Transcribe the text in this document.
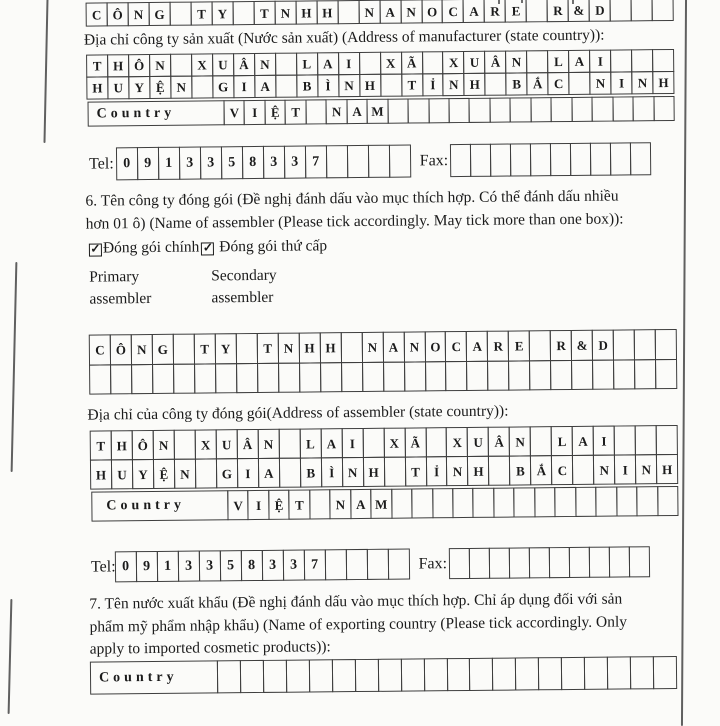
C Ô N G	T Y	T N H H	N A N O C A R E	R & D
Địa chỉ công ty sản xuất (Nước sản xuất) (Address of manufacturer (state country)):
T H Ô N	X U Â N	L A	I	X Ã	X U Â N	L A	I
H U Y Ệ N	G	I	A	B	Ì	N H	T	Ỉ	N H	B Ắ C	N	I	N H
Country	V	I	Ệ T	N A M
Tel: 0 9 1 3 3 5 8 3 3 7	Fax:
6. Tên công ty đóng gói (Đề nghị đánh dấu vào mục thích hợp. Có thể đánh dấu nhiều
hơn 01 ô) (Name of assembler (Please tick accordingly. May tick more than one box)):
✓ Đóng gói chính ✓ Đóng gói thứ cấp
Primary
assembler
Secondary
assembler
C Ô N G	T Y	T N H H	N A N O C A R E	R & D
Địa chỉ của công ty đóng gói(Address of assembler (state country)):
T H Ô N	X U Â N	L A	I	X Ã	X U Â N	L A	I
H U Y Ệ N	G	I	A	B	Ì	N H	T	Ỉ	N H	B Ắ C	N	I	N H
Country	V	I	Ệ T	N A M
Tel: 0 9 1 3 3 5 8 3 3 7	Fax:
7. Tên nước xuất khẩu (Đề nghị đánh dấu vào mục thích hợp. Chỉ áp dụng đối với sản
phẩm mỹ phẩm nhập khẩu) (Name of exporting country (Please tick accordingly. Only
apply to imported cosmetic products)):
Country
